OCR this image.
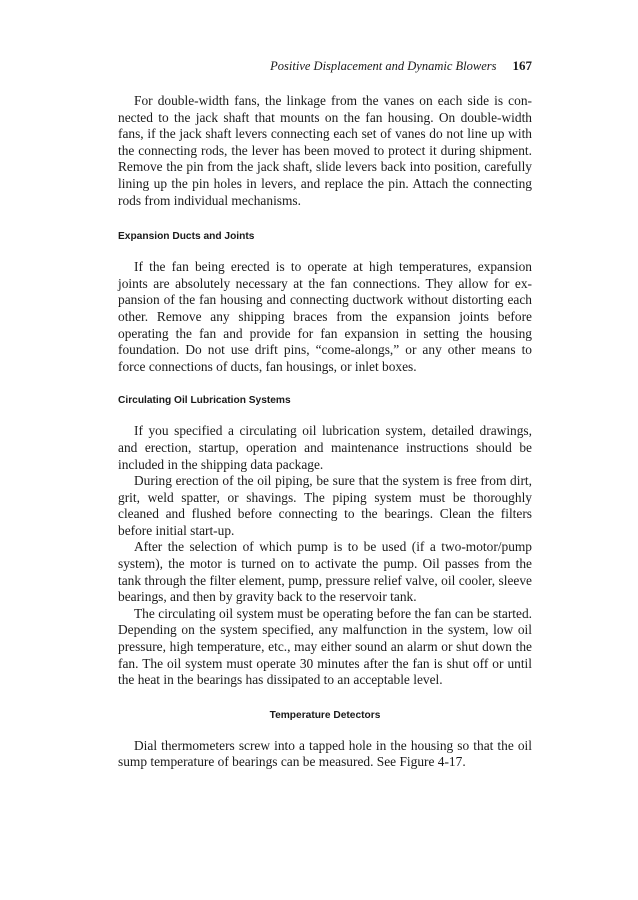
Positive Displacement and Dynamic Blowers 167

For double-width fans, the linkage from the vanes on each side is connected to the jack shaft that mounts on the fan housing. On double-width fans, if the jack shaft levers connecting each set of vanes do not line up with the connecting rods, the lever has been moved to protect it during shipment. Remove the pin from the jack shaft, slide levers back into position, carefully lining up the pin holes in levers, and replace the pin. Attach the connecting rods from individual mechanisms.

Expansion Ducts and Joints

If the fan being erected is to operate at high temperatures, expansion joints are absolutely necessary at the fan connections. They allow for expansion of the fan housing and connecting ductwork without distorting each other. Remove any shipping braces from the expansion joints before operating the fan and provide for fan expansion in setting the housing foundation. Do not use drift pins, “come-alongs,” or any other means to force connections of ducts, fan housings, or inlet boxes.

Circulating Oil Lubrication Systems

If you specified a circulating oil lubrication system, detailed drawings, and erection, startup, operation and maintenance instructions should be included in the shipping data package.

During erection of the oil piping, be sure that the system is free from dirt, grit, weld spatter, or shavings. The piping system must be thoroughly cleaned and flushed before connecting to the bearings. Clean the filters before initial start-up.

After the selection of which pump is to be used (if a two-motor/pump system), the motor is turned on to activate the pump. Oil passes from the tank through the filter element, pump, pressure relief valve, oil cooler, sleeve bearings, and then by gravity back to the reservoir tank.

The circulating oil system must be operating before the fan can be started. Depending on the system specified, any malfunction in the system, low oil pressure, high temperature, etc., may either sound an alarm or shut down the fan. The oil system must operate 30 minutes after the fan is shut off or until the heat in the bearings has dissipated to an acceptable level.

Temperature Detectors

Dial thermometers screw into a tapped hole in the housing so that the oil sump temperature of bearings can be measured. See Figure 4-17.
